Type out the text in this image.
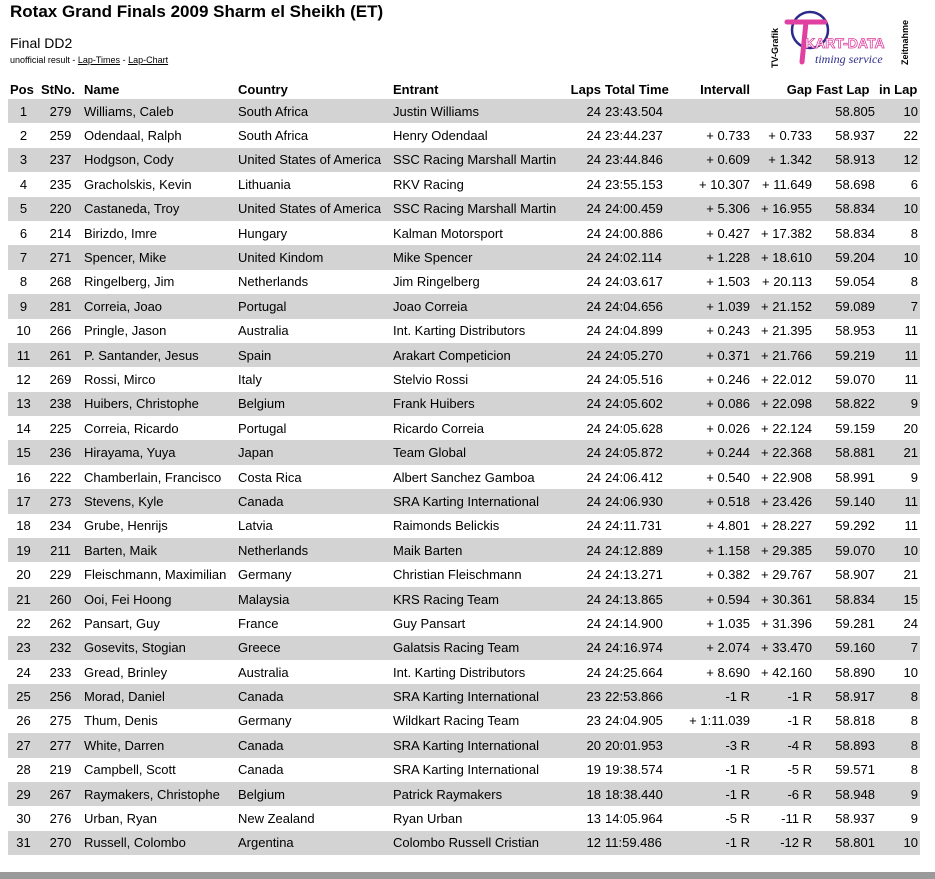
Rotax Grand Finals 2009 Sharm el Sheikh (ET)
Final DD2
unofficial result - Lap-Times - Lap-Chart	TV-Grafik KART-DATA
timing service Zeitnahme
Pos	StNo.	Name	Country	Entrant	Laps	Total Time	Intervall	Gap	Fast Lap	in Lap
1	279	Williams, Caleb	South Africa	Justin Williams	24	23:43.504			58.805	10
2	259	Odendaal, Ralph	South Africa	Henry Odendaal	24	23:44.237	+ 0.733	+ 0.733	58.937	22
3	237	Hodgson, Cody	United States of America	SSC Racing Marshall Martin	24	23:44.846	+ 0.609	+ 1.342	58.913	12
4	235	Gracholskis, Kevin	Lithuania	RKV Racing	24	23:55.153	+ 10.307	+ 11.649	58.698	6
5	220	Castaneda, Troy	United States of America	SSC Racing Marshall Martin	24	24:00.459	+ 5.306	+ 16.955	58.834	10
6	214	Birizdo, Imre	Hungary	Kalman Motorsport	24	24:00.886	+ 0.427	+ 17.382	58.834	8
7	271	Spencer, Mike	United Kindom	Mike Spencer	24	24:02.114	+ 1.228	+ 18.610	59.204	10
8	268	Ringelberg, Jim	Netherlands	Jim Ringelberg	24	24:03.617	+ 1.503	+ 20.113	59.054	8
9	281	Correia, Joao	Portugal	Joao Correia	24	24:04.656	+ 1.039	+ 21.152	59.089	7
10	266	Pringle, Jason	Australia	Int. Karting Distributors	24	24:04.899	+ 0.243	+ 21.395	58.953	11
11	261	P. Santander, Jesus	Spain	Arakart Competicion	24	24:05.270	+ 0.371	+ 21.766	59.219	11
12	269	Rossi, Mirco	Italy	Stelvio Rossi	24	24:05.516	+ 0.246	+ 22.012	59.070	11
13	238	Huibers, Christophe	Belgium	Frank Huibers	24	24:05.602	+ 0.086	+ 22.098	58.822	9
14	225	Correia, Ricardo	Portugal	Ricardo Correia	24	24:05.628	+ 0.026	+ 22.124	59.159	20
15	236	Hirayama, Yuya	Japan	Team Global	24	24:05.872	+ 0.244	+ 22.368	58.881	21
16	222	Chamberlain, Francisco	Costa Rica	Albert Sanchez Gamboa	24	24:06.412	+ 0.540	+ 22.908	58.991	9
17	273	Stevens, Kyle	Canada	SRA Karting International	24	24:06.930	+ 0.518	+ 23.426	59.140	11
18	234	Grube, Henrijs	Latvia	Raimonds Belickis	24	24:11.731	+ 4.801	+ 28.227	59.292	11
19	211	Barten, Maik	Netherlands	Maik Barten	24	24:12.889	+ 1.158	+ 29.385	59.070	10
20	229	Fleischmann, Maximilian	Germany	Christian Fleischmann	24	24:13.271	+ 0.382	+ 29.767	58.907	21
21	260	Ooi, Fei Hoong	Malaysia	KRS Racing Team	24	24:13.865	+ 0.594	+ 30.361	58.834	15
22	262	Pansart, Guy	France	Guy Pansart	24	24:14.900	+ 1.035	+ 31.396	59.281	24
23	232	Gosevits, Stogian	Greece	Galatsis Racing Team	24	24:16.974	+ 2.074	+ 33.470	59.160	7
24	233	Gread, Brinley	Australia	Int. Karting Distributors	24	24:25.664	+ 8.690	+ 42.160	58.890	10
25	256	Morad, Daniel	Canada	SRA Karting International	23	22:53.866	-1 R	-1 R	58.917	8
26	275	Thum, Denis	Germany	Wildkart Racing Team	23	24:04.905	+ 1:11.039	-1 R	58.818	8
27	277	White, Darren	Canada	SRA Karting International	20	20:01.953	-3 R	-4 R	58.893	8
28	219	Campbell, Scott	Canada	SRA Karting International	19	19:38.574	-1 R	-5 R	59.571	8
29	267	Raymakers, Christophe	Belgium	Patrick Raymakers	18	18:38.440	-1 R	-6 R	58.948	9
30	276	Urban, Ryan	New Zealand	Ryan Urban	13	14:05.964	-5 R	-11 R	58.937	9
31	270	Russell, Colombo	Argentina	Colombo Russell Cristian	12	11:59.486	-1 R	-12 R	58.801	10
